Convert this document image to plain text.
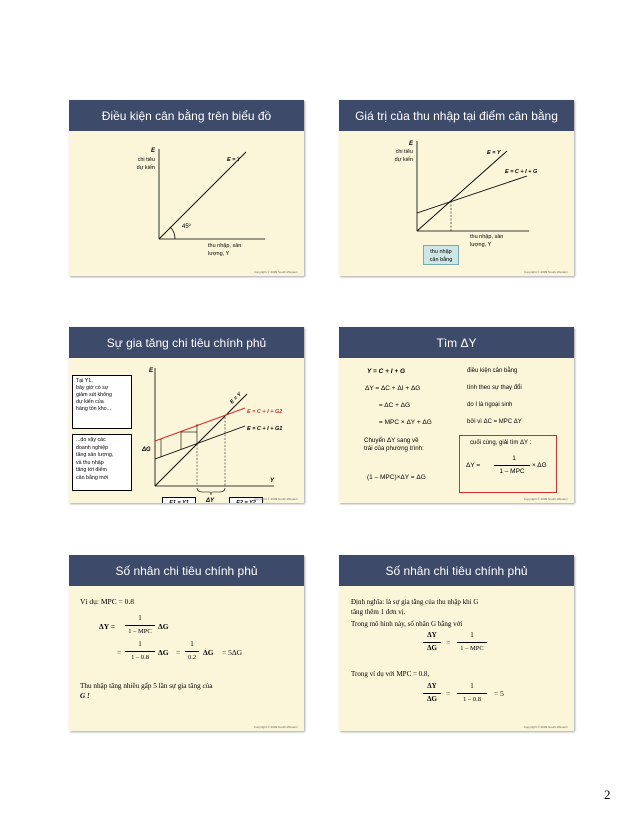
Điều kiện cân bằng trên biểu đồ
E
chi tiêu
dự kiến
E = Y
45º
thu nhập, sản
lượng, Y
Copyright © 2009 South-Western
Giá trị của thu nhập tại điểm cân bằng
E
chi tiêu
dự kiến
E = Y
E = C + I + G
thu nhập, sản
lượng, Y
thu nhập
cân bằng
Copyright © 2009 South-Western
Sự gia tăng chi tiêu chính phủ
E
Y
E = Y
E = C + I + G2
E = C + I + G1
ΔG
ΔY
E1 = Y1	E2 = Y2
Tại Y1,
bây giờ có sự
giảm sút không
dự kiến của
hàng tồn kho...
...do vậy các
doanh nghiệp
tăng sản lượng,
và thu nhập
tăng tới điểm
cân bằng mới
Copyright © 2009 South-Western
Tìm ΔY
Y = C + I + G	điều kiện cân bằng
ΔY = ΔC + ΔI + ΔG	tính theo sự thay đổi
= ΔC + ΔG	do I là ngoại sinh
= MPC × ΔY + ΔG	bởi vì ΔC = MPC ΔY
Chuyển ΔY sang về
trái của phương trình:
(1 – MPC)×ΔY = ΔG
cuối cùng, giải tìm ΔY :
ΔY =
1
1 – MPC
× ΔG
Copyright © 2009 South-Western
Số nhân chi tiêu chính phủ
Ví dụ: MPC = 0.8
ΔY =
1
1 – MPC
ΔG
=
1
1 – 0.8
ΔG =
1
0.2
ΔG = 5ΔG
Thu nhập tăng nhiều gấp 5 lần sự gia tăng của
G !
Copyright © 2009 South-Western
Số nhân chi tiêu chính phủ
Định nghĩa: là sự gia tăng của thu nhập khi G
tăng thêm 1 đơn vị.
Trong mô hình này, số nhân G bằng với
ΔY
ΔG
=
1
1 – MPC
Trong ví dụ với MPC = 0.8,
ΔY
ΔG
=
1
1 – 0.8
= 5
Copyright © 2009 South-Western
2
